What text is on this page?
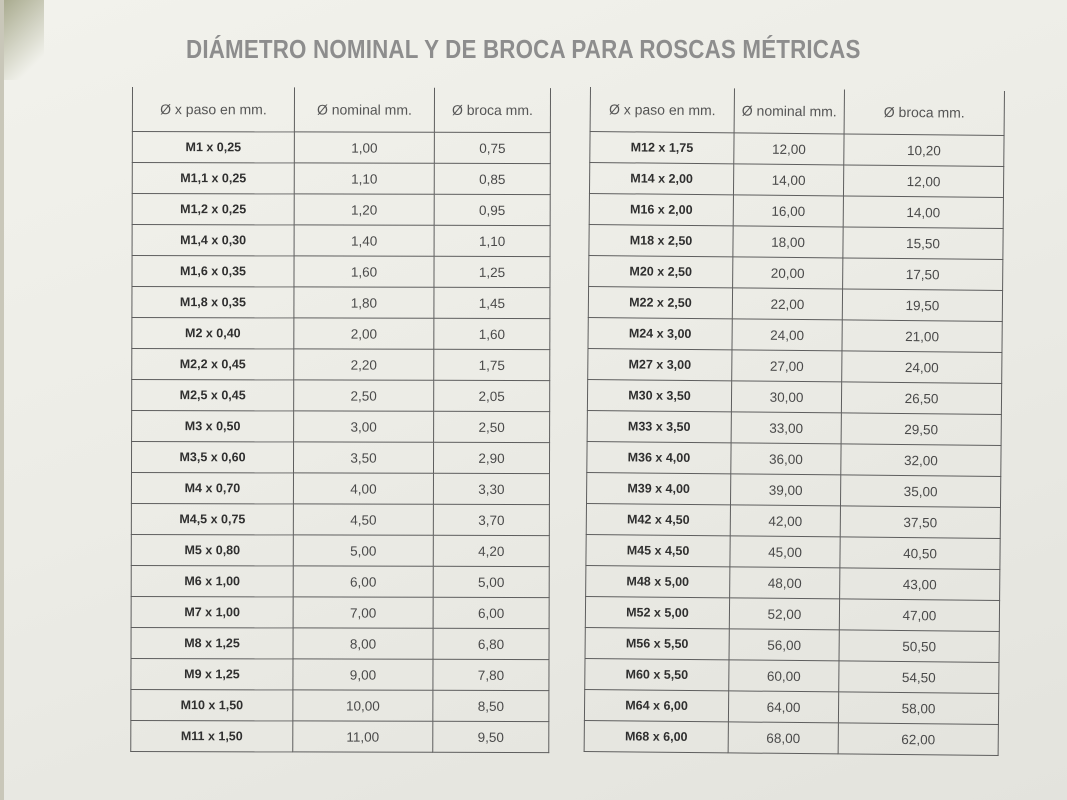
DIÁMETRO NOMINAL Y DE BROCA PARA ROSCAS MÉTRICAS
Ø x paso en mm.	Ø nominal mm.	Ø broca mm.
M1 x 0,25	1,00	0,75
M1,1 x 0,25	1,10	0,85
M1,2 x 0,25	1,20	0,95
M1,4 x 0,30	1,40	1,10
M1,6 x 0,35	1,60	1,25
M1,8 x 0,35	1,80	1,45
M2 x 0,40	2,00	1,60
M2,2 x 0,45	2,20	1,75
M2,5 x 0,45	2,50	2,05
M3 x 0,50	3,00	2,50
M3,5 x 0,60	3,50	2,90
M4 x 0,70	4,00	3,30
M4,5 x 0,75	4,50	3,70
M5 x 0,80	5,00	4,20
M6 x 1,00	6,00	5,00
M7 x 1,00	7,00	6,00
M8 x 1,25	8,00	6,80
M9 x 1,25	9,00	7,80
M10 x 1,50	10,00	8,50
M11 x 1,50	11,00	9,50
Ø x paso en mm.	Ø nominal mm.	Ø broca mm.
M12 x 1,75	12,00	10,20
M14 x 2,00	14,00	12,00
M16 x 2,00	16,00	14,00
M18 x 2,50	18,00	15,50
M20 x 2,50	20,00	17,50
M22 x 2,50	22,00	19,50
M24 x 3,00	24,00	21,00
M27 x 3,00	27,00	24,00
M30 x 3,50	30,00	26,50
M33 x 3,50	33,00	29,50
M36 x 4,00	36,00	32,00
M39 x 4,00	39,00	35,00
M42 x 4,50	42,00	37,50
M45 x 4,50	45,00	40,50
M48 x 5,00	48,00	43,00
M52 x 5,00	52,00	47,00
M56 x 5,50	56,00	50,50
M60 x 5,50	60,00	54,50
M64 x 6,00	64,00	58,00
M68 x 6,00	68,00	62,00
